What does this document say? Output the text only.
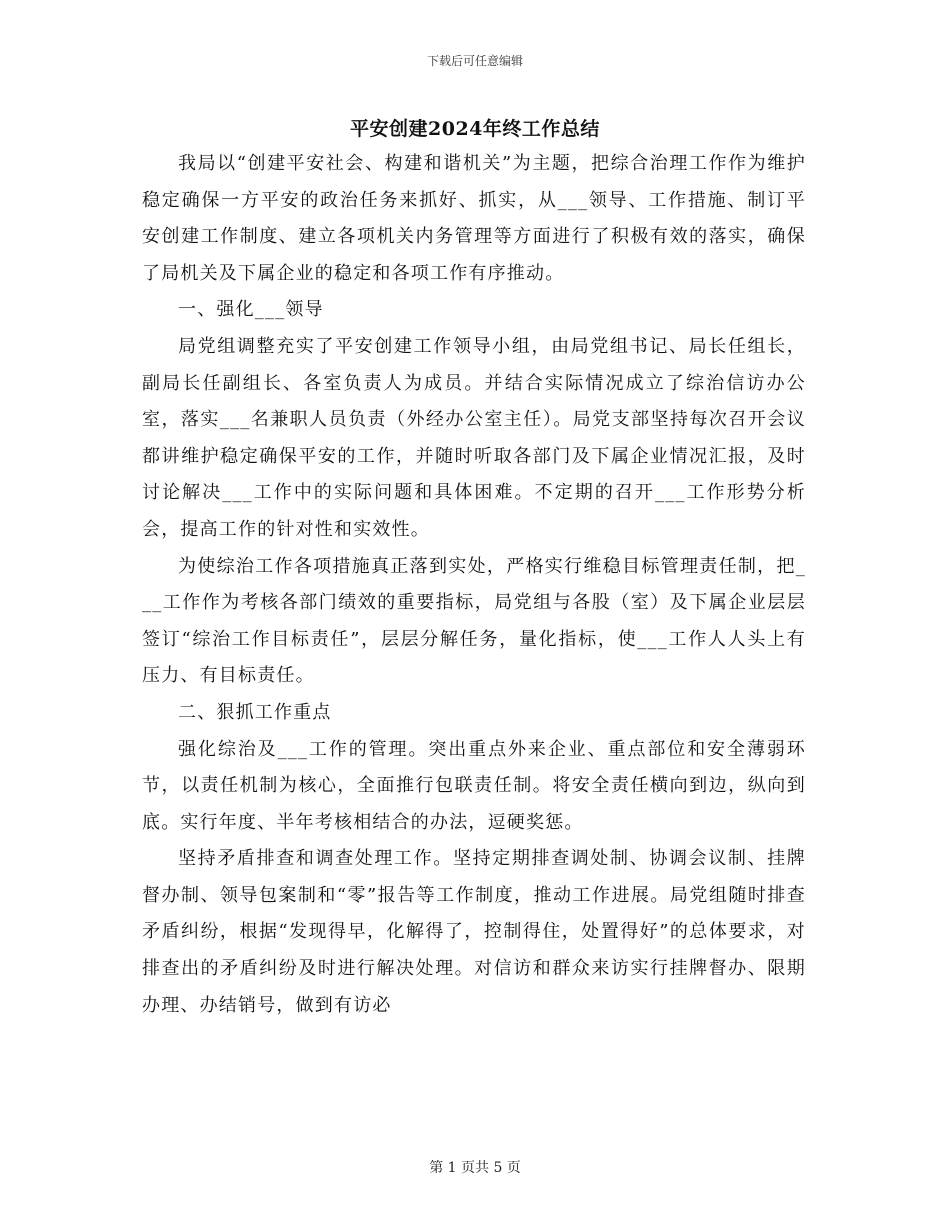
下载后可任意编辑
平安创建2024年终工作总结

我局以“创建平安社会、构建和谐机关”为主题，把综合治理工作作为维护稳定确保一方平安的政治任务来抓好、抓实，从___领导、工作措施、制订平安创建工作制度、建立各项机关内务管理等方面进行了积极有效的落实，确保了局机关及下属企业的稳定和各项工作有序推动。

一、强化___领导

局党组调整充实了平安创建工作领导小组，由局党组书记、局长任组长，副局长任副组长、各室负责人为成员。并结合实际情况成立了综治信访办公室，落实___名兼职人员负责（外经办公室主任）。局党支部坚持每次召开会议都讲维护稳定确保平安的工作，并随时听取各部门及下属企业情况汇报，及时讨论解决___工作中的实际问题和具体困难。不定期的召开___工作形势分析会，提高工作的针对性和实效性。

为使综治工作各项措施真正落到实处，严格实行维稳目标管理责任制，把___工作作为考核各部门绩效的重要指标，局党组与各股（室）及下属企业层层签订“综治工作目标责任”，层层分解任务，量化指标，使___工作人人头上有压力、有目标责任。

二、狠抓工作重点

强化综治及___工作的管理。突出重点外来企业、重点部位和安全薄弱环节，以责任机制为核心，全面推行包联责任制。将安全责任横向到边，纵向到底。实行年度、半年考核相结合的办法，逗硬奖惩。

坚持矛盾排查和调查处理工作。坚持定期排查调处制、协调会议制、挂牌督办制、领导包案制和“零”报告等工作制度，推动工作进展。局党组随时排查矛盾纠纷，根据“发现得早，化解得了，控制得住，处置得好”的总体要求，对排查出的矛盾纠纷及时进行解决处理。对信访和群众来访实行挂牌督办、限期办理、办结销号，做到有访必

第 1 页共 5 页
